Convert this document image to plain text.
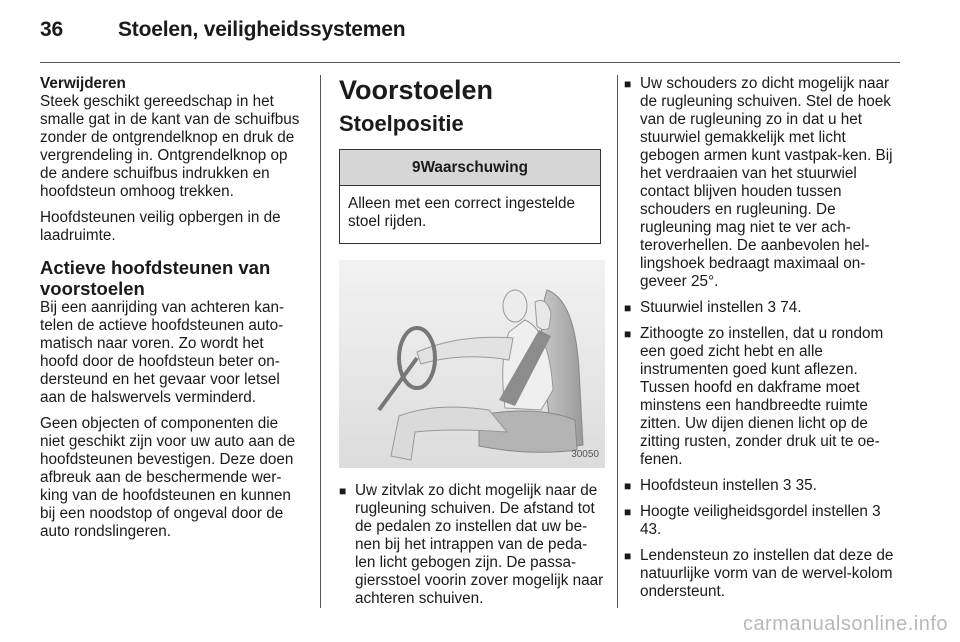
36	Stoelen, veiligheidssystemen
Verwijderen

Steek geschikt gereedschap in het smalle gat in de kant van de schuifbus zonder de ontgrendelknop en druk de vergrendeling in. Ontgrendelknop op de andere schuifbus indrukken en hoofdsteun omhoog trekken.

Hoofdsteunen veilig opbergen in de laadruimte.

Actieve hoofdsteunen van voorstoelen

Bij een aanrijding van achteren kan-telen de actieve hoofdsteunen auto-matisch naar voren. Zo wordt het hoofd door de hoofdsteun beter on-dersteund en het gevaar voor letsel aan de halswervels verminderd.

Geen objecten of componenten die niet geschikt zijn voor uw auto aan de hoofdsteunen bevestigen. Deze doen afbreuk aan de beschermende wer-king van de hoofdsteunen en kunnen bij een noodstop of ongeval door de auto rondslingeren.

Voorstoelen
Stoelpositie
9Waarschuwing
Alleen met een correct ingestelde stoel rijden.
30050
■ Uw zitvlak zo dicht mogelijk naar de rugleuning schuiven. De afstand tot de pedalen zo instellen dat uw be-nen bij het intrappen van de peda-len licht gebogen zijn. De passa-giersstoel voorin zover mogelijk naar achteren schuiven.
■ Uw schouders zo dicht mogelijk naar de rugleuning schuiven. Stel de hoek van de rugleuning zo in dat u het stuurwiel gemakkelijk met licht gebogen armen kunt vastpak-ken. Bij het verdraaien van het stuurwiel contact blijven houden tussen schouders en rugleuning. De rugleuning mag niet te ver ach-teroverhellen. De aanbevolen hel-lingshoek bedraagt maximaal on-geveer 25°.
■ Stuurwiel instellen 3 74.
■ Zithoogte zo instellen, dat u rondom een goed zicht hebt en alle instrumenten goed kunt aflezen. Tussen hoofd en dakframe moet minstens een handbreedte ruimte zitten. Uw dijen dienen licht op de zitting rusten, zonder druk uit te oe-fenen.
■ Hoofdsteun instellen 3 35.
■ Hoogte veiligheidsgordel instellen 3 43.
■ Lendensteun zo instellen dat deze de natuurlijke vorm van de wervel-kolom ondersteunt.
carmanualsonline.info
